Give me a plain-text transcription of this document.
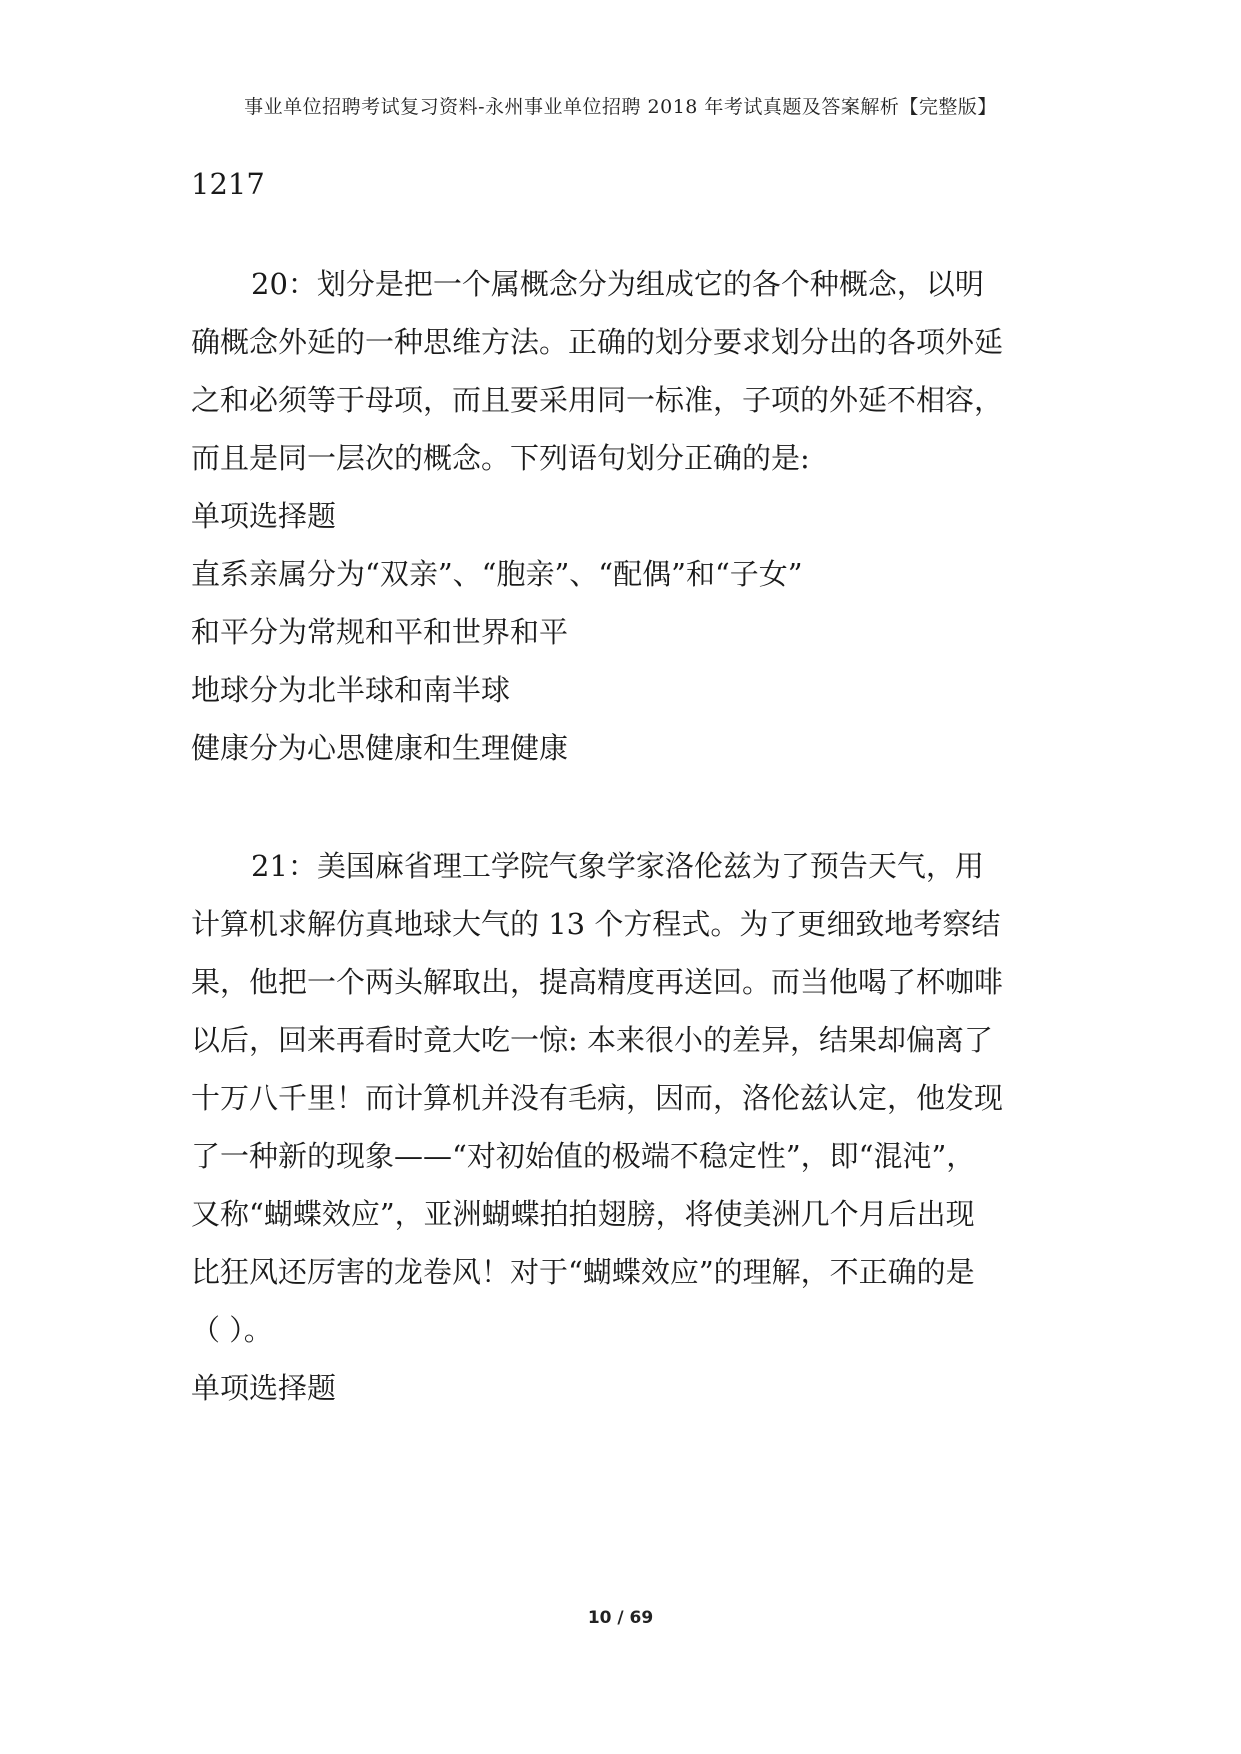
事业单位招聘考试复习资料-永州事业单位招聘 2018 年考试真题及答案解析【完整版】
1217
20：划分是把一个属概念分为组成它的各个种概念，以明
确概念外延的一种思维方法。正确的划分要求划分出的各项外延
之和必须等于母项，而且要采用同一标准，子项的外延不相容，
而且是同一层次的概念。下列语句划分正确的是:
单项选择题
直系亲属分为“双亲”、“胞亲”、“配偶”和“子女”
和平分为常规和平和世界和平
地球分为北半球和南半球
健康分为心思健康和生理健康
21：美国麻省理工学院气象学家洛伦兹为了预告天气，用
计算机求解仿真地球大气的 13 个方程式。为了更细致地考察结
果，他把一个两头解取出，提高精度再送回。而当他喝了杯咖啡
以后，回来再看时竟大吃一惊: 本来很小的差异，结果却偏离了
十万八千里！而计算机并没有毛病，因而，洛伦兹认定，他发现
了一种新的现象——“对初始值的极端不稳定性”，即“混沌”，
又称“蝴蝶效应”，亚洲蝴蝶拍拍翅膀，将使美洲几个月后出现
比狂风还厉害的龙卷风！对于“蝴蝶效应”的理解，不正确的是
（ ）。
单项选择题
10 / 69
